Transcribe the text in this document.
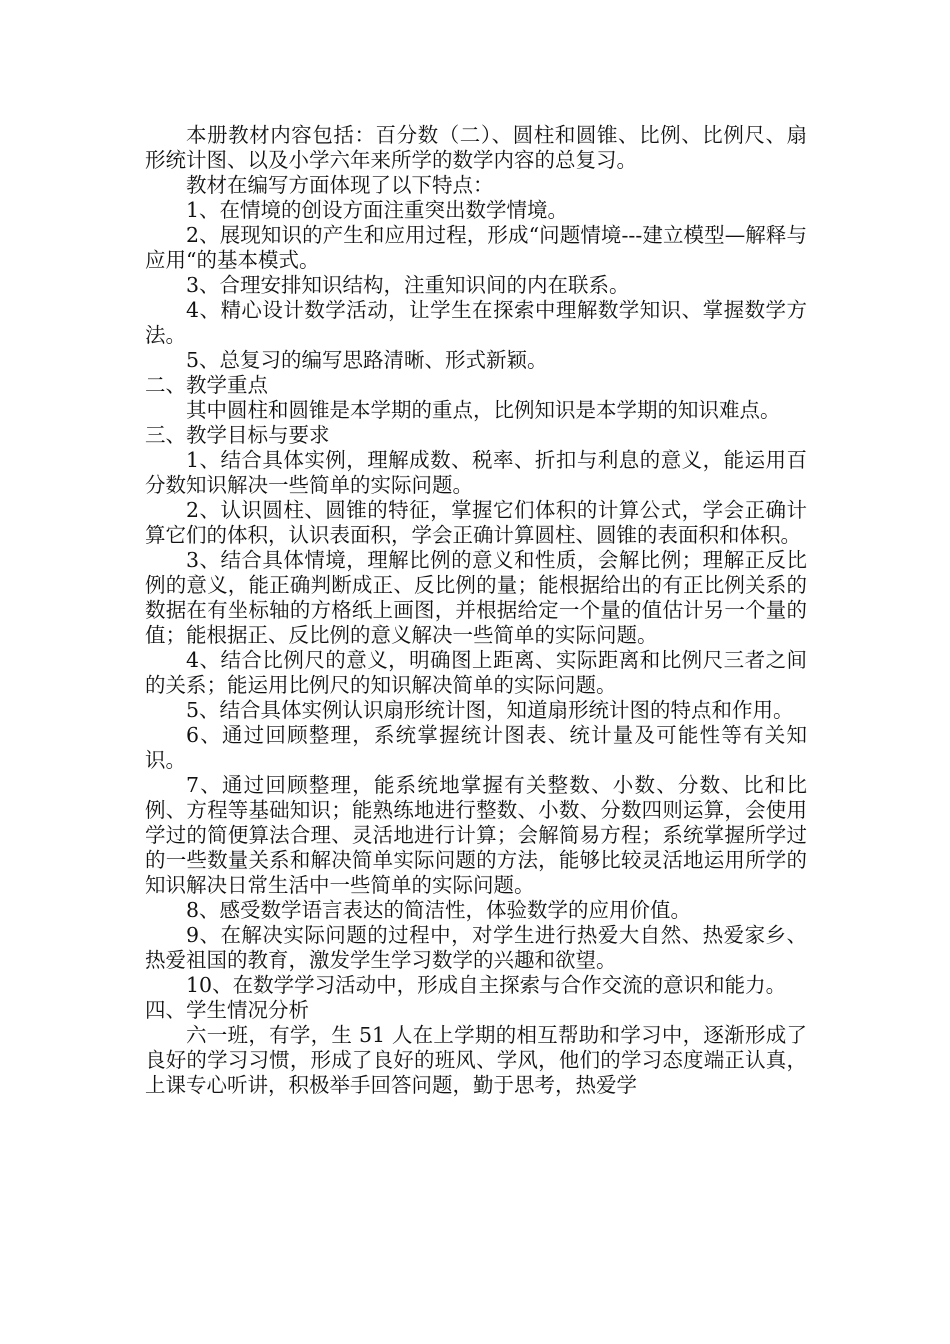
本册教材内容包括：百分数（二）、圆柱和圆锥、比例、比例尺、扇形统计图、以及小学六年来所学的数学内容的总复习。

教材在编写方面体现了以下特点：

1、在情境的创设方面注重突出数学情境。

2、展现知识的产生和应用过程，形成“问题情境---建立模型—解释与应用“的基本模式。

3、合理安排知识结构，注重知识间的内在联系。

4、精心设计数学活动，让学生在探索中理解数学知识、掌握数学方法。

5、总复习的编写思路清晰、形式新颖。

二、教学重点

其中圆柱和圆锥是本学期的重点，比例知识是本学期的知识难点。

三、教学目标与要求

1、结合具体实例，理解成数、税率、折扣与利息的意义，能运用百分数知识解决一些简单的实际问题。

2、认识圆柱、圆锥的特征，掌握它们体积的计算公式，学会正确计算它们的体积，认识表面积，学会正确计算圆柱、圆锥的表面积和体积。

3、结合具体情境，理解比例的意义和性质，会解比例；理解正反比例的意义，能正确判断成正、反比例的量；能根据给出的有正比例关系的数据在有坐标轴的方格纸上画图，并根据给定一个量的值估计另一个量的值；能根据正、反比例的意义解决一些简单的实际问题。

4、结合比例尺的意义，明确图上距离、实际距离和比例尺三者之间的关系；能运用比例尺的知识解决简单的实际问题。

5、结合具体实例认识扇形统计图，知道扇形统计图的特点和作用。

6、通过回顾整理，系统掌握统计图表、统计量及可能性等有关知识。

7、通过回顾整理，能系统地掌握有关整数、小数、分数、比和比例、方程等基础知识；能熟练地进行整数、小数、分数四则运算，会使用学过的简便算法合理、灵活地进行计算；会解简易方程；系统掌握所学过的一些数量关系和解决简单实际问题的方法，能够比较灵活地运用所学的知识解决日常生活中一些简单的实际问题。

8、感受数学语言表达的简洁性，体验数学的应用价值。

9、在解决实际问题的过程中，对学生进行热爱大自然、热爱家乡、热爱祖国的教育，激发学生学习数学的兴趣和欲望。

10、在数学学习活动中，形成自主探索与合作交流的意识和能力。

四、学生情况分析

六一班，有学，生 51 人在上学期的相互帮助和学习中，逐渐形成了良好的学习习惯，形成了良好的班风、学风，他们的学习态度端正认真，上课专心听讲，积极举手回答问题，勤于思考，热爱学
